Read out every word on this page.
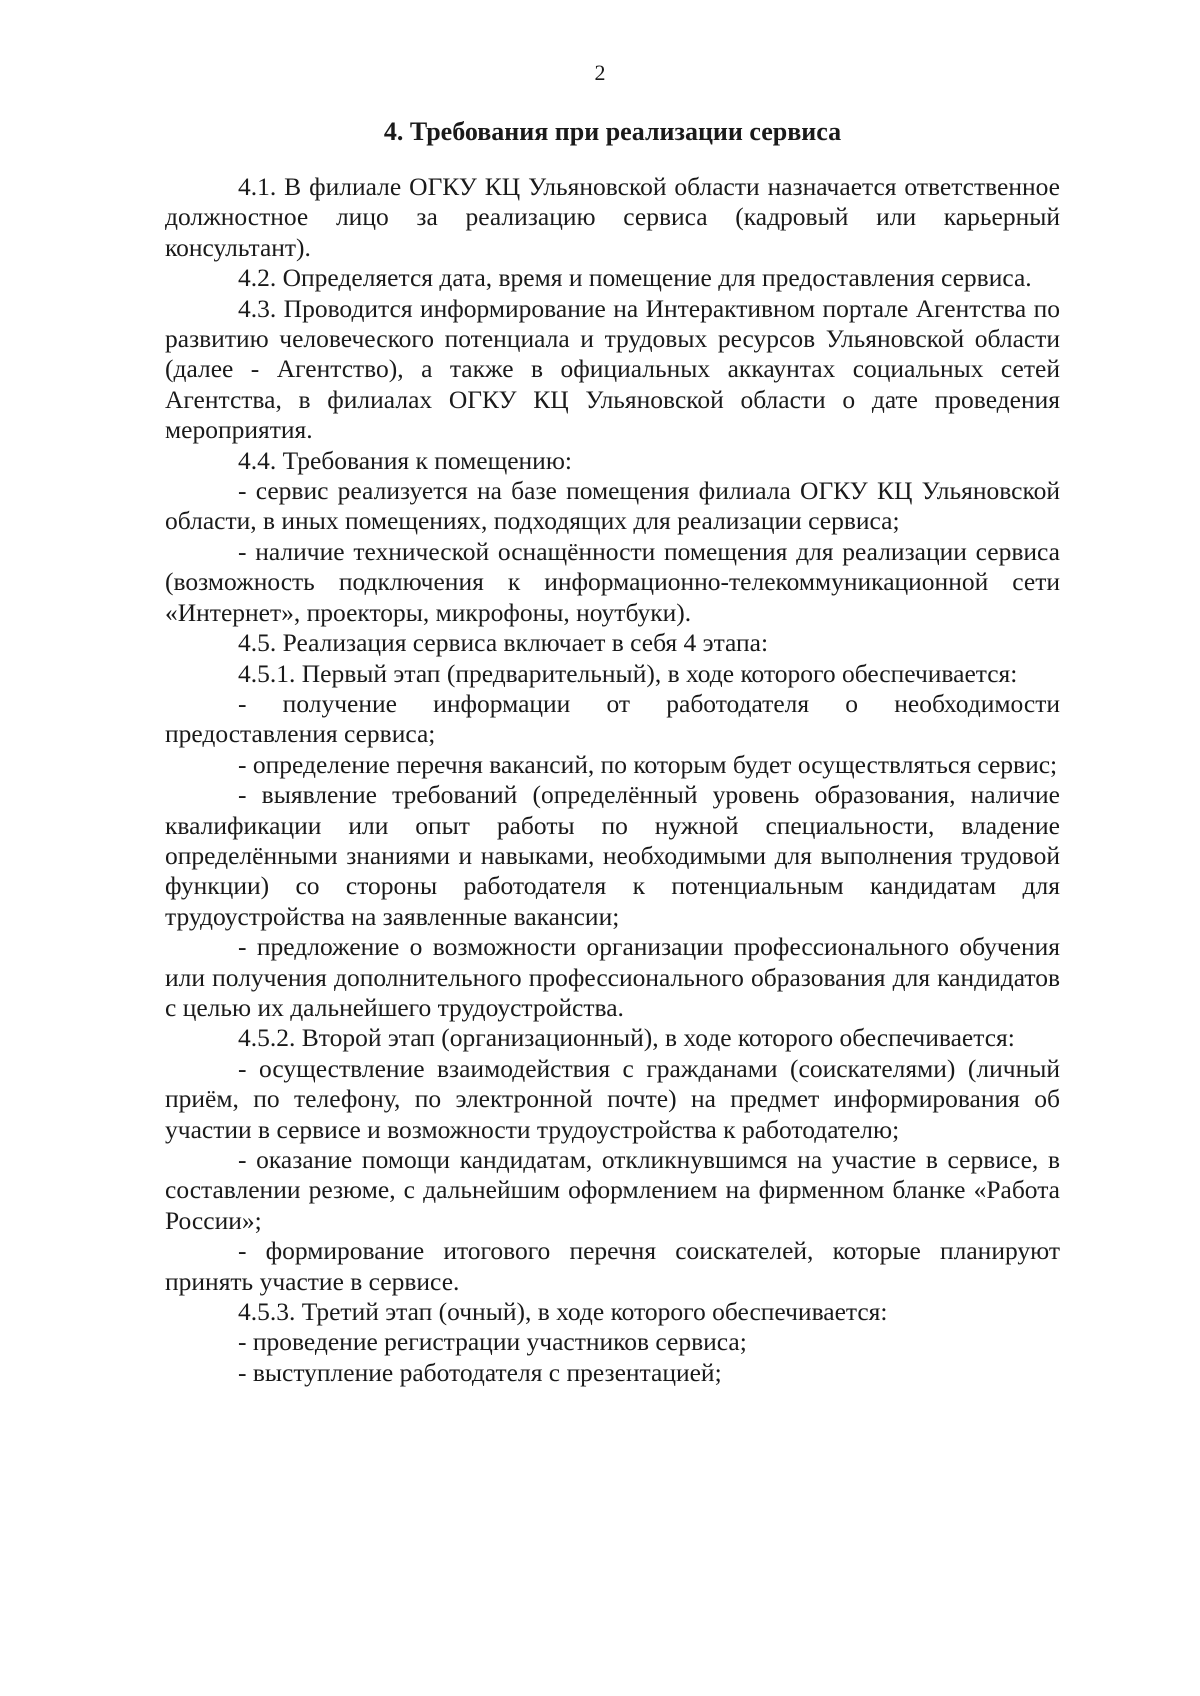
2
4. Требования при реализации сервиса

4.1. В филиале ОГКУ КЦ Ульяновской области назначается ответственное должностное лицо за реализацию сервиса (кадровый или карьерный консультант).

4.2. Определяется дата, время и помещение для предоставления сервиса.

4.3. Проводится информирование на Интерактивном портале Агентства по развитию человеческого потенциала и трудовых ресурсов Ульяновской области (далее - Агентство), а также в официальных аккаунтах социальных сетей Агентства, в филиалах ОГКУ КЦ Ульяновской области о дате проведения мероприятия.

4.4. Требования к помещению:

- сервис реализуется на базе помещения филиала ОГКУ КЦ Ульяновской области, в иных помещениях, подходящих для реализации сервиса;

- наличие технической оснащённости помещения для реализации сервиса (возможность подключения к информационно-телекоммуникационной сети «Интернет», проекторы, микрофоны, ноутбуки).

4.5. Реализация сервиса включает в себя 4 этапа:

4.5.1. Первый этап (предварительный), в ходе которого обеспечивается:

- получение информации от работодателя о необходимости предоставления сервиса;

- определение перечня вакансий, по которым будет осуществляться сервис;

- выявление требований (определённый уровень образования, наличие квалификации или опыт работы по нужной специальности, владение определёнными знаниями и навыками, необходимыми для выполнения трудовой функции) со стороны работодателя к потенциальным кандидатам для трудоустройства на заявленные вакансии;

- предложение о возможности организации профессионального обучения или получения дополнительного профессионального образования для кандидатов с целью их дальнейшего трудоустройства.

4.5.2. Второй этап (организационный), в ходе которого обеспечивается:

- осуществление взаимодействия с гражданами (соискателями) (личный приём, по телефону, по электронной почте) на предмет информирования об участии в сервисе и возможности трудоустройства к работодателю;

- оказание помощи кандидатам, откликнувшимся на участие в сервисе, в составлении резюме, с дальнейшим оформлением на фирменном бланке «Работа России»;

- формирование итогового перечня соискателей, которые планируют принять участие в сервисе.

4.5.3. Третий этап (очный), в ходе которого обеспечивается:

- проведение регистрации участников сервиса;

- выступление работодателя с презентацией;
